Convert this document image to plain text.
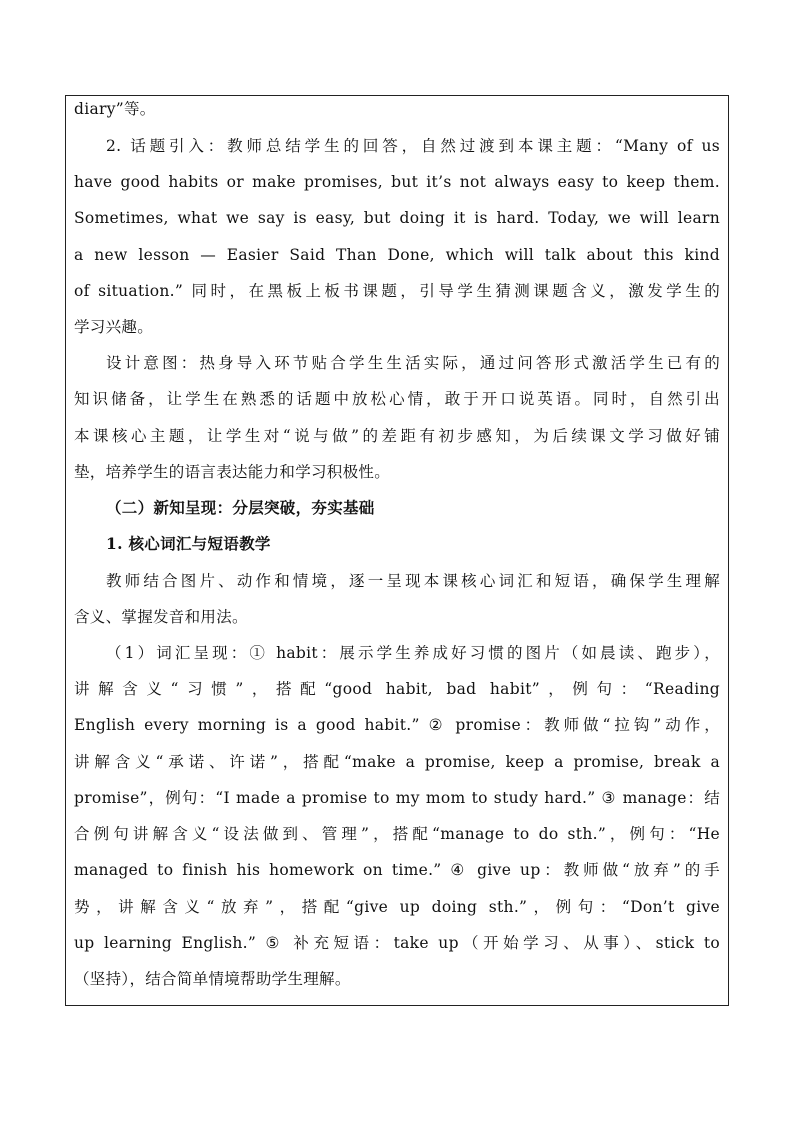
diary”等。
2. 话题引入：教师总结学生的回答，自然过渡到本课主题：“Many of us
have good habits or make promises, but it’s not always easy to keep them.
Sometimes, what we say is easy, but doing it is hard. Today, we will learn
a new lesson — Easier Said Than Done, which will talk about this kind
of situation.” 同时，在黑板上板书课题，引导学生猜测课题含义，激发学生的
学习兴趣。
设计意图：热身导入环节贴合学生生活实际，通过问答形式激活学生已有的
知识储备，让学生在熟悉的话题中放松心情，敢于开口说英语。同时，自然引出
本课核心主题，让学生对“说与做”的差距有初步感知，为后续课文学习做好铺
垫，培养学生的语言表达能力和学习积极性。
（二）新知呈现：分层突破，夯实基础
1. 核心词汇与短语教学
教师结合图片、动作和情境，逐一呈现本课核心词汇和短语，确保学生理解
含义、掌握发音和用法。
（1）词汇呈现：① habit：展示学生养成好习惯的图片（如晨读、跑步），
讲解含义“习惯”，搭配“good habit, bad habit”，例句：“Reading
English every morning is a good habit.” ② promise：教师做“拉钩”动作，
讲解含义“承诺、许诺”，搭配“make a promise, keep a promise, break a
promise”，例句：“I made a promise to my mom to study hard.” ③ manage：结
合例句讲解含义“设法做到、管理”，搭配“manage to do sth.”，例句：“He
managed to finish his homework on time.” ④ give up：教师做“放弃”的手
势，讲解含义“放弃”，搭配“give up doing sth.”，例句：“Don’t give
up learning English.” ⑤ 补充短语：take up（开始学习、从事）、stick to
（坚持），结合简单情境帮助学生理解。
